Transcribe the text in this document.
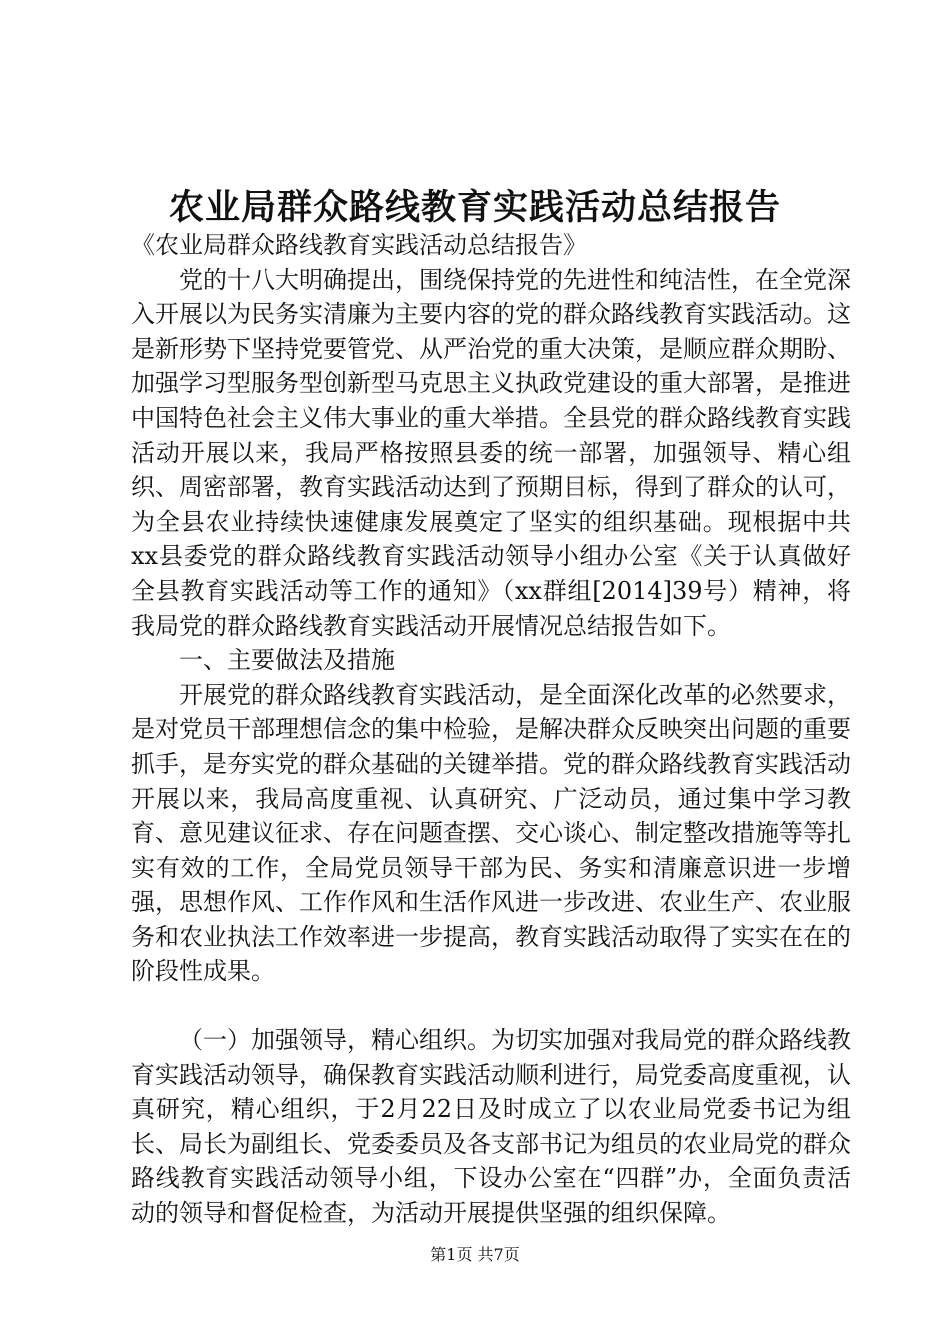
农业局群众路线教育实践活动总结报告

《农业局群众路线教育实践活动总结报告》

党的十八大明确提出，围绕保持党的先进性和纯洁性，在全党深入开展以为民务实清廉为主要内容的党的群众路线教育实践活动。这是新形势下坚持党要管党、从严治党的重大决策，是顺应群众期盼、加强学习型服务型创新型马克思主义执政党建设的重大部署，是推进中国特色社会主义伟大事业的重大举措。全县党的群众路线教育实践活动开展以来，我局严格按照县委的统一部署，加强领导、精心组织、周密部署，教育实践活动达到了预期目标，得到了群众的认可，为全县农业持续快速健康发展奠定了坚实的组织基础。现根据中共xx县委党的群众路线教育实践活动领导小组办公室《关于认真做好全县教育实践活动等工作的通知》（xx群组[2014]39号）精神，将我局党的群众路线教育实践活动开展情况总结报告如下。

一、主要做法及措施

开展党的群众路线教育实践活动，是全面深化改革的必然要求，是对党员干部理想信念的集中检验，是解决群众反映突出问题的重要抓手，是夯实党的群众基础的关键举措。党的群众路线教育实践活动开展以来，我局高度重视、认真研究、广泛动员，通过集中学习教育、意见建议征求、存在问题查摆、交心谈心、制定整改措施等等扎实有效的工作，全局党员领导干部为民、务实和清廉意识进一步增强，思想作风、工作作风和生活作风进一步改进、农业生产、农业服务和农业执法工作效率进一步提高，教育实践活动取得了实实在在的阶段性成果。

（一）加强领导，精心组织。为切实加强对我局党的群众路线教育实践活动领导，确保教育实践活动顺利进行，局党委高度重视，认真研究，精心组织，于2月22日及时成立了以农业局党委书记为组长、局长为副组长、党委委员及各支部书记为组员的农业局党的群众路线教育实践活动领导小组，下设办公室在“四群”办，全面负责活动的领导和督促检查，为活动开展提供坚强的组织保障。

第1页 共7页
